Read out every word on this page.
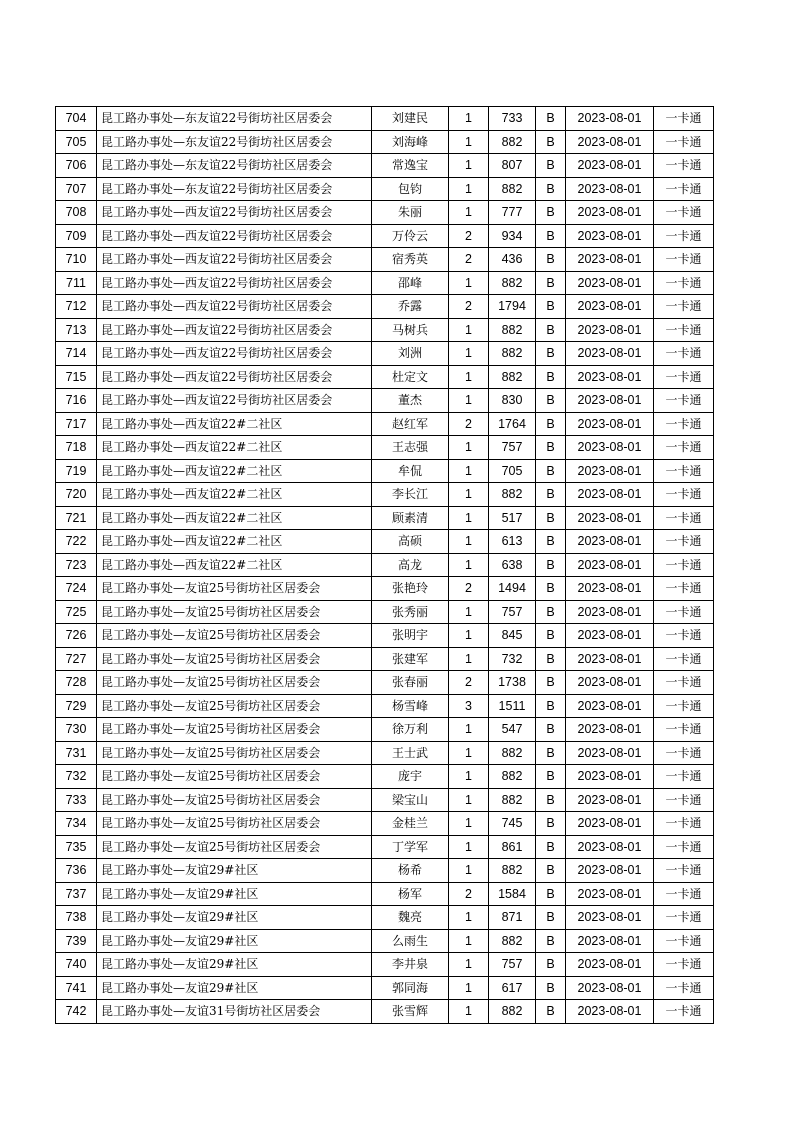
704	昆工路办事处—东友谊22号街坊社区居委会	刘建民	1	733	B	2023-08-01	一卡通
705	昆工路办事处—东友谊22号街坊社区居委会	刘海峰	1	882	B	2023-08-01	一卡通
706	昆工路办事处—东友谊22号街坊社区居委会	常逸宝	1	807	B	2023-08-01	一卡通
707	昆工路办事处—东友谊22号街坊社区居委会	包钧	1	882	B	2023-08-01	一卡通
708	昆工路办事处—西友谊22号街坊社区居委会	朱丽	1	777	B	2023-08-01	一卡通
709	昆工路办事处—西友谊22号街坊社区居委会	万伶云	2	934	B	2023-08-01	一卡通
710	昆工路办事处—西友谊22号街坊社区居委会	宿秀英	2	436	B	2023-08-01	一卡通
711	昆工路办事处—西友谊22号街坊社区居委会	邵峰	1	882	B	2023-08-01	一卡通
712	昆工路办事处—西友谊22号街坊社区居委会	乔露	2	1794	B	2023-08-01	一卡通
713	昆工路办事处—西友谊22号街坊社区居委会	马树兵	1	882	B	2023-08-01	一卡通
714	昆工路办事处—西友谊22号街坊社区居委会	刘洲	1	882	B	2023-08-01	一卡通
715	昆工路办事处—西友谊22号街坊社区居委会	杜定文	1	882	B	2023-08-01	一卡通
716	昆工路办事处—西友谊22号街坊社区居委会	董杰	1	830	B	2023-08-01	一卡通
717	昆工路办事处—西友谊22#二社区	赵红军	2	1764	B	2023-08-01	一卡通
718	昆工路办事处—西友谊22#二社区	王志强	1	757	B	2023-08-01	一卡通
719	昆工路办事处—西友谊22#二社区	牟侃	1	705	B	2023-08-01	一卡通
720	昆工路办事处—西友谊22#二社区	李长江	1	882	B	2023-08-01	一卡通
721	昆工路办事处—西友谊22#二社区	顾素清	1	517	B	2023-08-01	一卡通
722	昆工路办事处—西友谊22#二社区	高硕	1	613	B	2023-08-01	一卡通
723	昆工路办事处—西友谊22#二社区	高龙	1	638	B	2023-08-01	一卡通
724	昆工路办事处—友谊25号街坊社区居委会	张艳玲	2	1494	B	2023-08-01	一卡通
725	昆工路办事处—友谊25号街坊社区居委会	张秀丽	1	757	B	2023-08-01	一卡通
726	昆工路办事处—友谊25号街坊社区居委会	张明宇	1	845	B	2023-08-01	一卡通
727	昆工路办事处—友谊25号街坊社区居委会	张建军	1	732	B	2023-08-01	一卡通
728	昆工路办事处—友谊25号街坊社区居委会	张春丽	2	1738	B	2023-08-01	一卡通
729	昆工路办事处—友谊25号街坊社区居委会	杨雪峰	3	1511	B	2023-08-01	一卡通
730	昆工路办事处—友谊25号街坊社区居委会	徐万利	1	547	B	2023-08-01	一卡通
731	昆工路办事处—友谊25号街坊社区居委会	王士武	1	882	B	2023-08-01	一卡通
732	昆工路办事处—友谊25号街坊社区居委会	庞宇	1	882	B	2023-08-01	一卡通
733	昆工路办事处—友谊25号街坊社区居委会	梁宝山	1	882	B	2023-08-01	一卡通
734	昆工路办事处—友谊25号街坊社区居委会	金桂兰	1	745	B	2023-08-01	一卡通
735	昆工路办事处—友谊25号街坊社区居委会	丁学军	1	861	B	2023-08-01	一卡通
736	昆工路办事处—友谊29#社区	杨希	1	882	B	2023-08-01	一卡通
737	昆工路办事处—友谊29#社区	杨军	2	1584	B	2023-08-01	一卡通
738	昆工路办事处—友谊29#社区	魏亮	1	871	B	2023-08-01	一卡通
739	昆工路办事处—友谊29#社区	么雨生	1	882	B	2023-08-01	一卡通
740	昆工路办事处—友谊29#社区	李井泉	1	757	B	2023-08-01	一卡通
741	昆工路办事处—友谊29#社区	郭同海	1	617	B	2023-08-01	一卡通
742	昆工路办事处—友谊31号街坊社区居委会	张雪辉	1	882	B	2023-08-01	一卡通
